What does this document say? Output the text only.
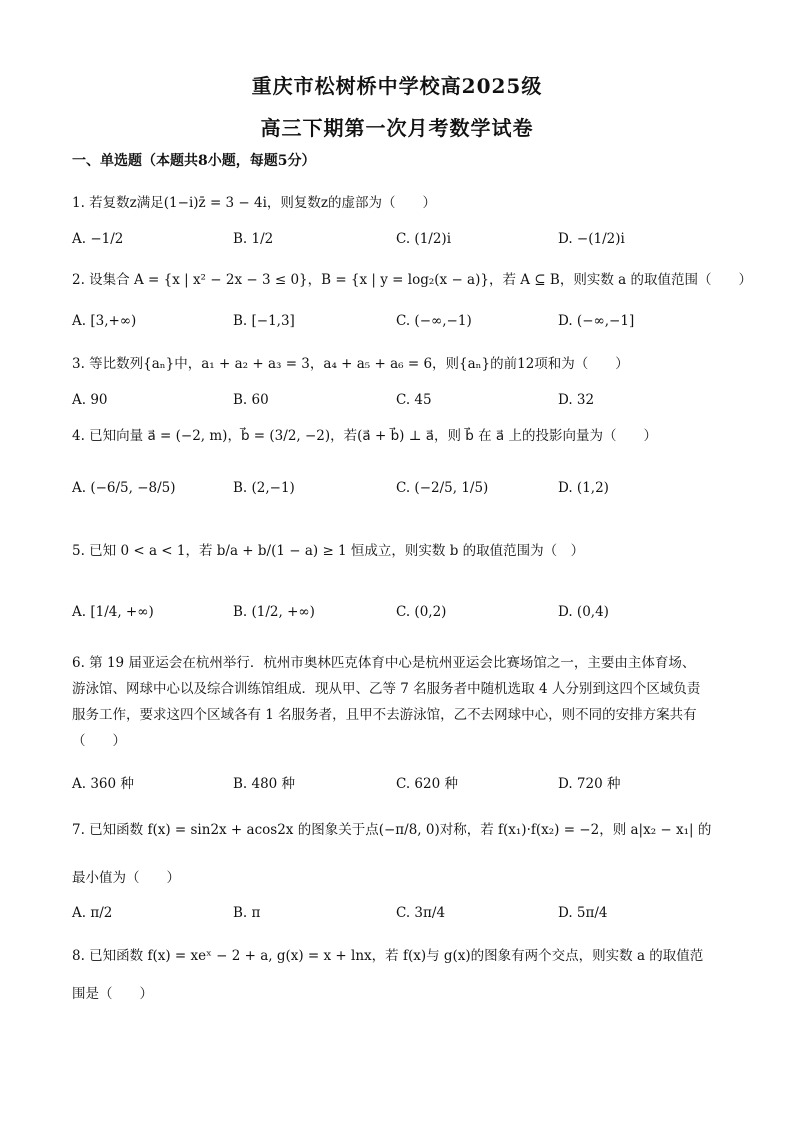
重庆市松树桥中学校高2025级
高三下期第一次月考数学试卷
一、单选题（本题共8小题，每题5分）
1. 若复数z满足(1−i)z̄ = 3 − 4i，则复数z的虚部为（　　）
A. −1/2	B. 1/2	C. (1/2)i	D. −(1/2)i
2. 设集合 A = {x | x² − 2x − 3 ≤ 0}，B = {x | y = log₂(x − a)}，若 A ⊆ B，则实数 a 的取值范围（　　）
A. [3,+∞)	B. [−1,3]	C. (−∞,−1)	D. (−∞,−1]
3. 等比数列{aₙ}中，a₁ + a₂ + a₃ = 3，a₄ + a₅ + a₆ = 6，则{aₙ}的前12项和为（　　）
A. 90	B. 60	C. 45	D. 32
4. 已知向量 a⃗ = (−2, m)，b⃗ = (3/2, −2)，若(a⃗ + b⃗) ⊥ a⃗，则 b⃗ 在 a⃗ 上的投影向量为（　　）
A. (−6/5, −8/5)	B. (2,−1)	C. (−2/5, 1/5)	D. (1,2)
5. 已知 0 < a < 1，若 b/a + b/(1 − a) ≥ 1 恒成立，则实数 b 的取值范围为（　）
A. [1/4, +∞)	B. (1/2, +∞)	C. (0,2)	D. (0,4)
6. 第 19 届亚运会在杭州举行．杭州市奥林匹克体育中心是杭州亚运会比赛场馆之一，主要由主体育场、
游泳馆、网球中心以及综合训练馆组成．现从甲、乙等 7 名服务者中随机选取 4 人分别到这四个区域负责
服务工作，要求这四个区域各有 1 名服务者，且甲不去游泳馆，乙不去网球中心，则不同的安排方案共有
（　　）
A. 360 种	B. 480 种	C. 620 种	D. 720 种
7. 已知函数 f(x) = sin2x + acos2x 的图象关于点(−π/8, 0)对称，若 f(x₁)·f(x₂) = −2，则 a|x₂ − x₁| 的
最小值为（　　）
A. π/2	B. π	C. 3π/4	D. 5π/4
8. 已知函数 f(x) = xeˣ − 2 + a, g(x) = x + lnx，若 f(x)与 g(x)的图象有两个交点，则实数 a 的取值范
围是（　　）
